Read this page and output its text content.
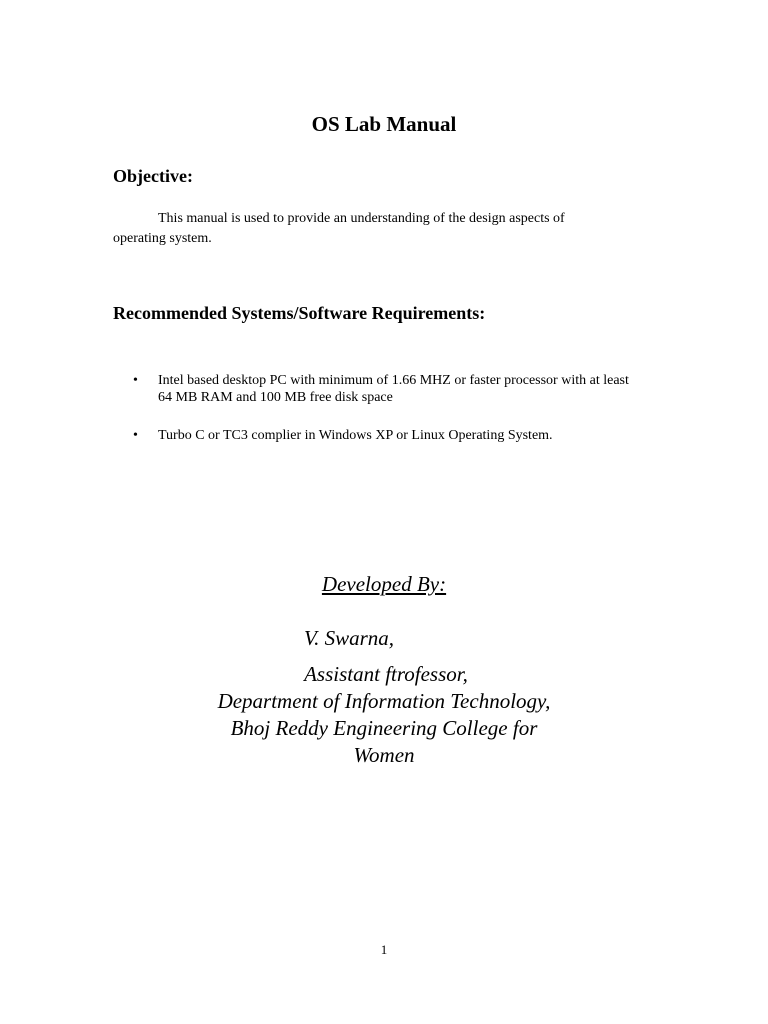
OS Lab Manual
Objective:

This manual is used to provide an understanding of the design aspects of operating system.

Recommended Systems/Software Requirements:
• Intel based desktop PC with minimum of 1.66 MHZ or faster processor with at least 64 MB RAM and 100 MB free disk space
• Turbo C or TC3 complier in Windows XP or Linux Operating System.
Developed By:
V. Swarna,
Assistant ftrofessor,
Department of Information Technology,
Bhoj Reddy Engineering College for
Women
1
